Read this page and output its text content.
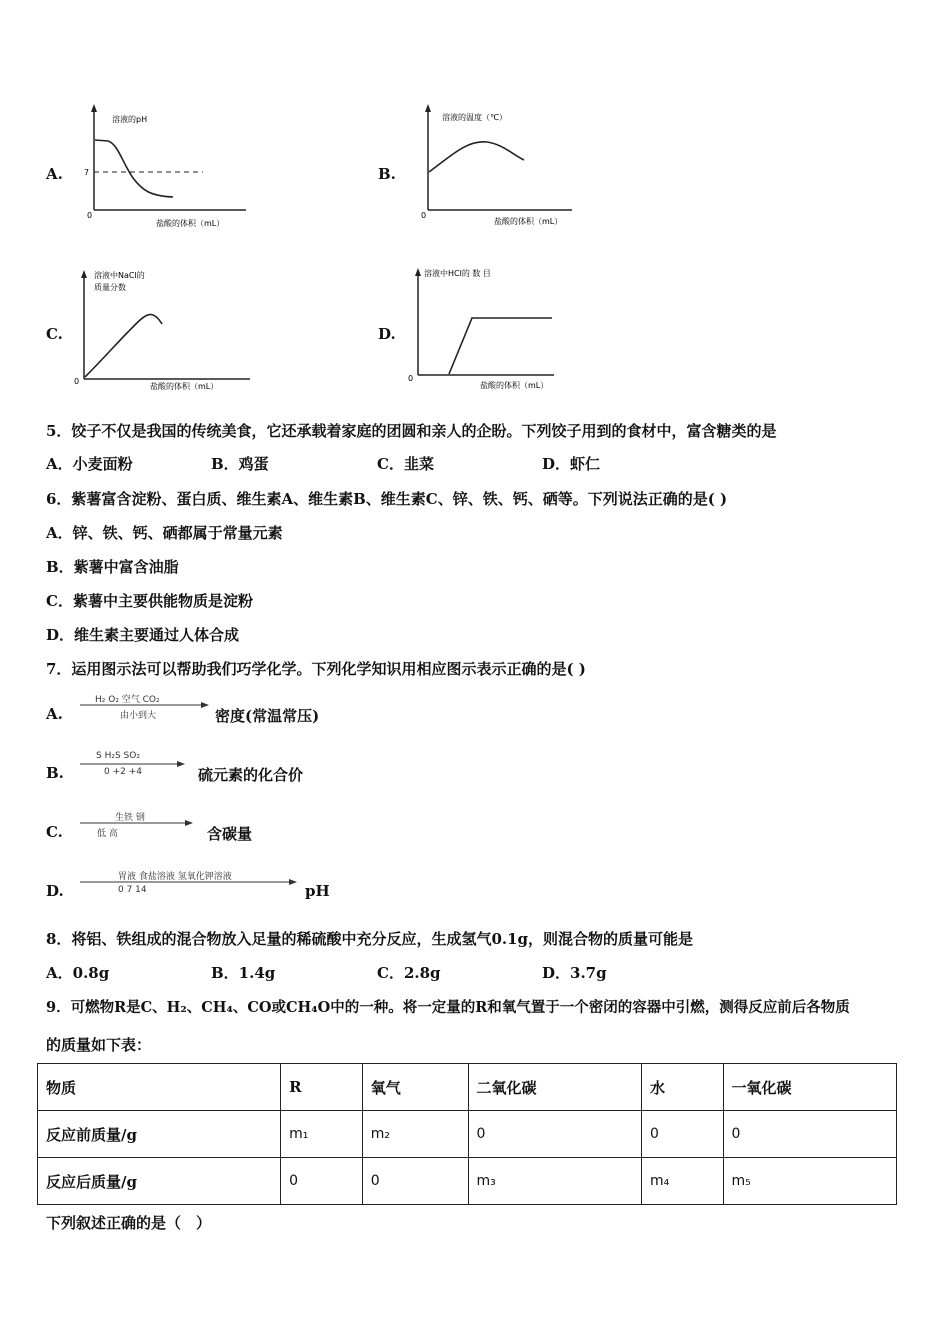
A.
溶液的pH
7
0
盐酸的体积（mL）
B.
溶液的温度（℃）
0
盐酸的体积（mL）
C.
溶液中NaCl的
质量分数
0
盐酸的体积（mL）
D.
溶液中HCl的 数 目
0
盐酸的体积（mL）
5．饺子不仅是我国的传统美食，它还承载着家庭的团圆和亲人的企盼。下列饺子用到的食材中，富含糖类的是
A．小麦面粉	B．鸡蛋	C．韭菜	D．虾仁
6．紫薯富含淀粉、蛋白质、维生素A、维生素B、维生素C、锌、铁、钙、硒等。下列说法正确的是( )
A．锌、铁、钙、硒都属于常量元素
B．紫薯中富含油脂
C．紫薯中主要供能物质是淀粉
D．维生素主要通过人体合成
7．运用图示法可以帮助我们巧学化学。下列化学知识用相应图示表示正确的是( )
A.
H₂ O₂ 空气 CO₂
由小到大	密度(常温常压)
B.
S H₂S SO₂
0 +2 +4	硫元素的化合价
C.
生铁 钢
低 高	含碳量
D.
胃液 食盐溶液 氢氧化钾溶液
0 7 14	pH
8．将铝、铁组成的混合物放入足量的稀硫酸中充分反应，生成氢气0.1g，则混合物的质量可能是
A．0.8g	B．1.4g	C．2.8g	D．3.7g
9．可燃物R是C、H₂、CH₄、CO或CH₄O中的一种。将一定量的R和氧气置于一个密闭的容器中引燃，测得反应前后各物质
的质量如下表：
物质	R	氧气	二氧化碳	水	一氧化碳
反应前质量/g	m₁	m₂	0	0	0
反应后质量/g	0	0	m₃	m₄	m₅
下列叙述正确的是（　）
